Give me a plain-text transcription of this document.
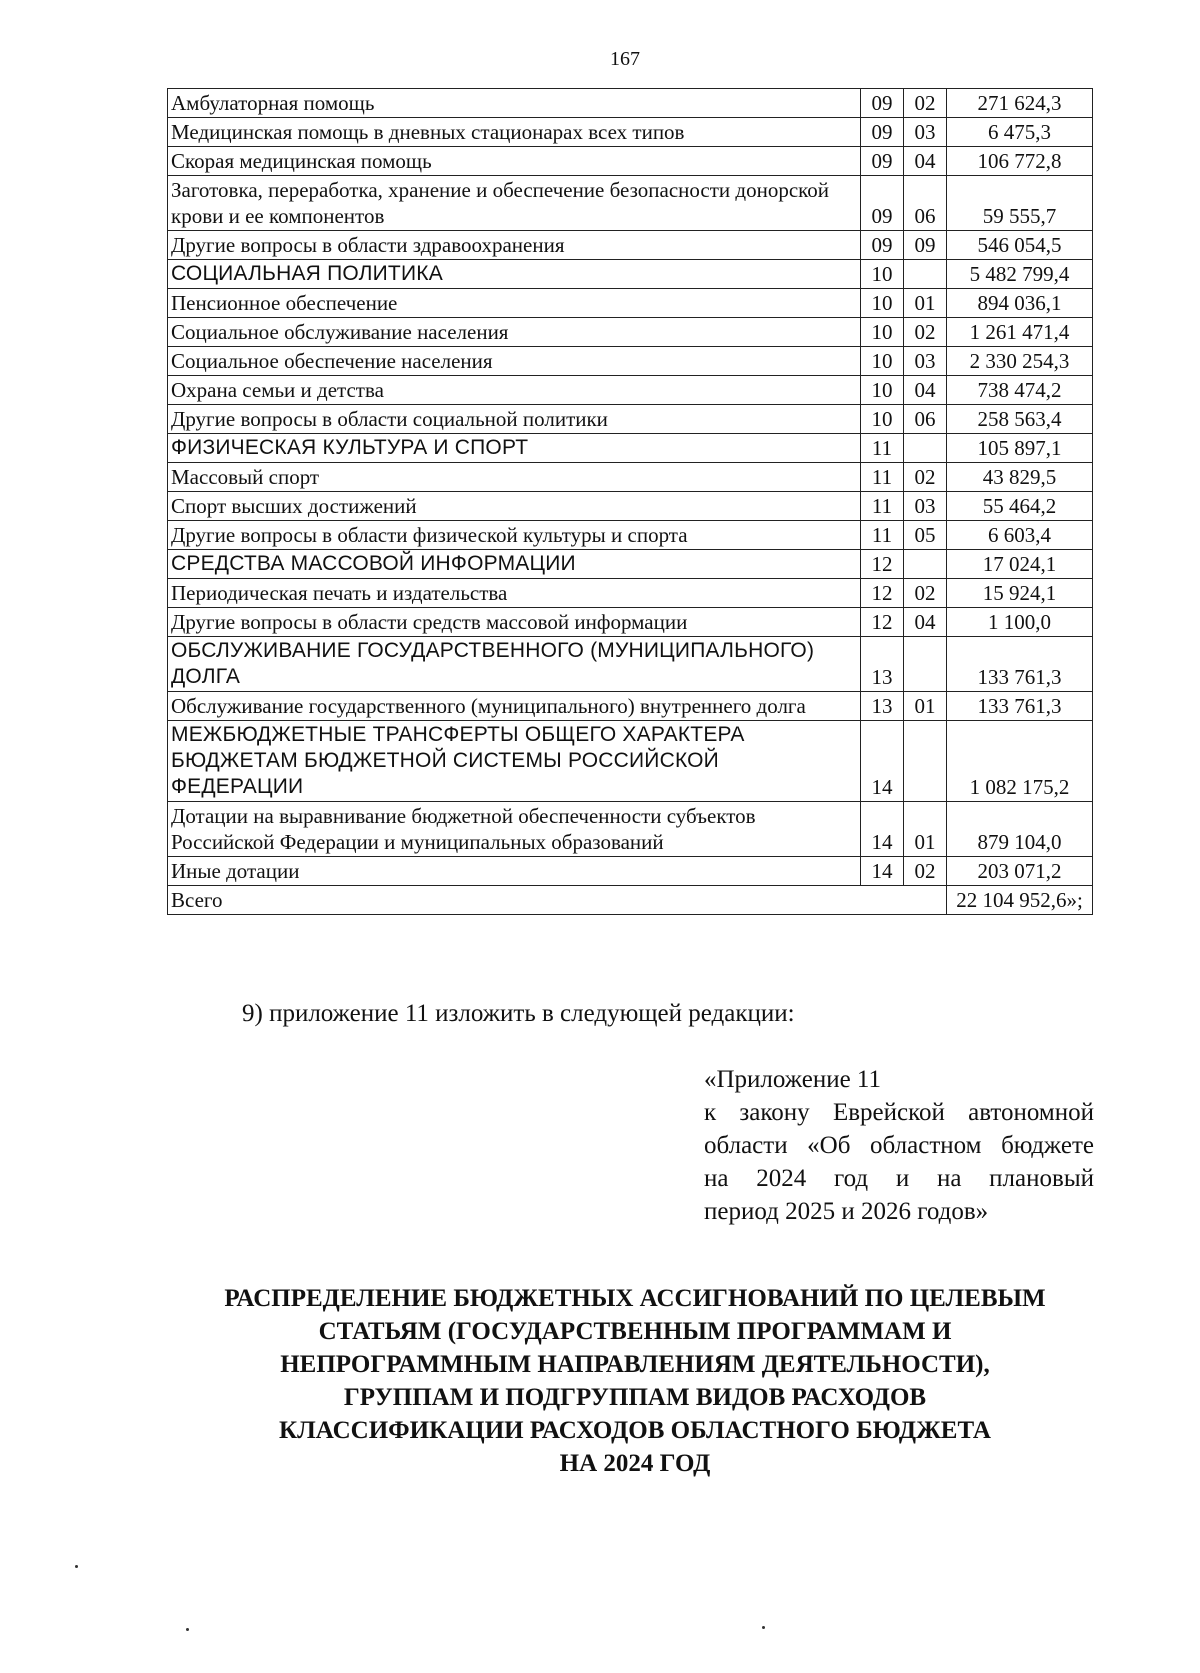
167
Амбулаторная помощь	09	02	271 624,3
Медицинская помощь в дневных стационарах всех типов	09	03	6 475,3
Скорая медицинская помощь	09	04	106 772,8
Заготовка, переработка, хранение и обеспечение безопасности донорской крови и ее компонентов	09	06	59 555,7
Другие вопросы в области здравоохранения	09	09	546 054,5
СОЦИАЛЬНАЯ ПОЛИТИКА	10		5 482 799,4
Пенсионное обеспечение	10	01	894 036,1
Социальное обслуживание населения	10	02	1 261 471,4
Социальное обеспечение населения	10	03	2 330 254,3
Охрана семьи и детства	10	04	738 474,2
Другие вопросы в области социальной политики	10	06	258 563,4
ФИЗИЧЕСКАЯ КУЛЬТУРА И СПОРТ	11		105 897,1
Массовый спорт	11	02	43 829,5
Спорт высших достижений	11	03	55 464,2
Другие вопросы в области физической культуры и спорта	11	05	6 603,4
СРЕДСТВА МАССОВОЙ ИНФОРМАЦИИ	12		17 024,1
Периодическая печать и издательства	12	02	15 924,1
Другие вопросы в области средств массовой информации	12	04	1 100,0
ОБСЛУЖИВАНИЕ ГОСУДАРСТВЕННОГО (МУНИЦИПАЛЬНОГО) ДОЛГА	13		133 761,3
Обслуживание государственного (муниципального) внутреннего долга	13	01	133 761,3
МЕЖБЮДЖЕТНЫЕ ТРАНСФЕРТЫ ОБЩЕГО ХАРАКТЕРА БЮДЖЕТАМ БЮДЖЕТНОЙ СИСТЕМЫ РОССИЙСКОЙ ФЕДЕРАЦИИ	14		1 082 175,2
Дотации на выравнивание бюджетной обеспеченности субъектов Российской Федерации и муниципальных образований	14	01	879 104,0
Иные дотации	14	02	203 071,2
Всего			22 104 952,6»;
9) приложение 11 изложить в следующей редакции:
«Приложение 11
к закону Еврейской автономной
области «Об областном бюджете
на 2024 год и на плановый
период 2025 и 2026 годов»
РАСПРЕДЕЛЕНИЕ БЮДЖЕТНЫХ АССИГНОВАНИЙ ПО ЦЕЛЕВЫМ
СТАТЬЯМ (ГОСУДАРСТВЕННЫМ ПРОГРАММАМ И
НЕПРОГРАММНЫМ НАПРАВЛЕНИЯМ ДЕЯТЕЛЬНОСТИ),
ГРУППАМ И ПОДГРУППАМ ВИДОВ РАСХОДОВ
КЛАССИФИКАЦИИ РАСХОДОВ ОБЛАСТНОГО БЮДЖЕТА
НА 2024 ГОД
